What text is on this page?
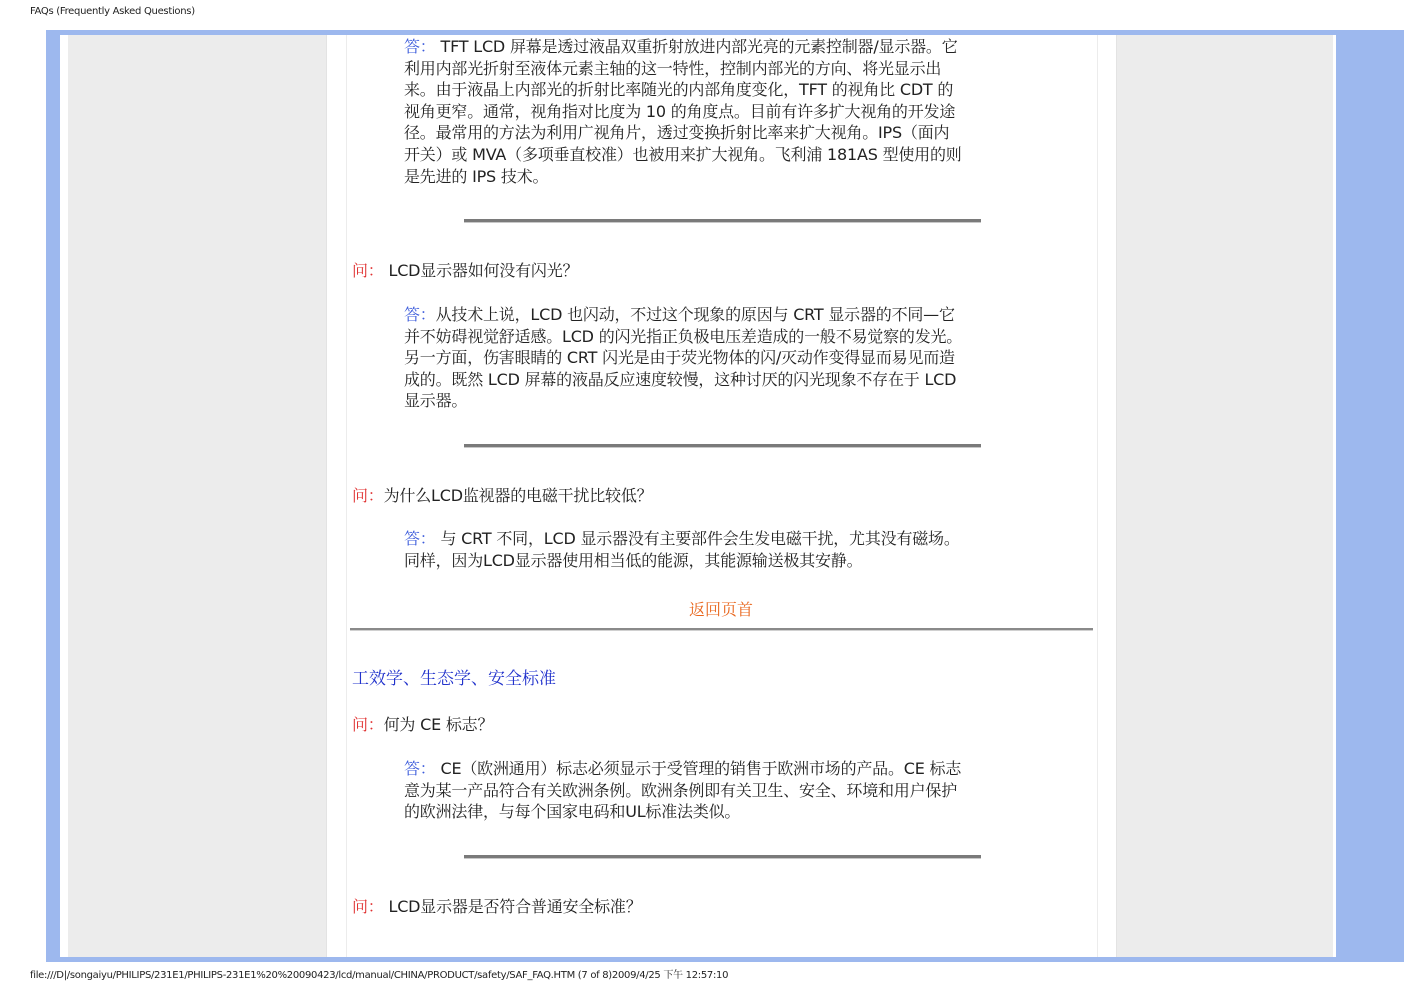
FAQs (Frequently Asked Questions)
答： TFT LCD 屏幕是透过液晶双重折射放进内部光亮的元素控制器/显示器。它
利用内部光折射至液体元素主轴的这一特性，控制内部光的方向、将光显示出
来。由于液晶上内部光的折射比率随光的内部角度变化，TFT 的视角比 CDT 的
视角更窄。通常，视角指对比度为 10 的角度点。目前有许多扩大视角的开发途
径。最常用的方法为利用广视角片，透过变换折射比率来扩大视角。IPS（面内
开关）或 MVA（多项垂直校准）也被用来扩大视角。飞利浦 181AS 型使用的则
是先进的 IPS 技术。
问： LCD显示器如何没有闪光？
答：从技术上说，LCD 也闪动，不过这个现象的原因与 CRT 显示器的不同—它
并不妨碍视觉舒适感。LCD 的闪光指正负极电压差造成的一般不易觉察的发光。
另一方面，伤害眼睛的 CRT 闪光是由于荧光物体的闪/灭动作变得显而易见而造
成的。既然 LCD 屏幕的液晶反应速度较慢，这种讨厌的闪光现象不存在于 LCD
显示器。
问：为什么LCD监视器的电磁干扰比较低？
答： 与 CRT 不同，LCD 显示器没有主要部件会生发电磁干扰，尤其没有磁场。
同样，因为LCD显示器使用相当低的能源，其能源输送极其安静。
返回页首
工效学、生态学、安全标准
问：何为 CE 标志？
答： CE（欧洲通用）标志必须显示于受管理的销售于欧洲市场的产品。CE 标志
意为某一产品符合有关欧洲条例。欧洲条例即有关卫生、安全、环境和用户保护
的欧洲法律，与每个国家电码和UL标准法类似。
问： LCD显示器是否符合普通安全标准？
file:///D|/songaiyu/PHILIPS/231E1/PHILIPS-231E1%20%20090423/lcd/manual/CHINA/PRODUCT/safety/SAF_FAQ.HTM (7 of 8)2009/4/25 下午 12:57:10
